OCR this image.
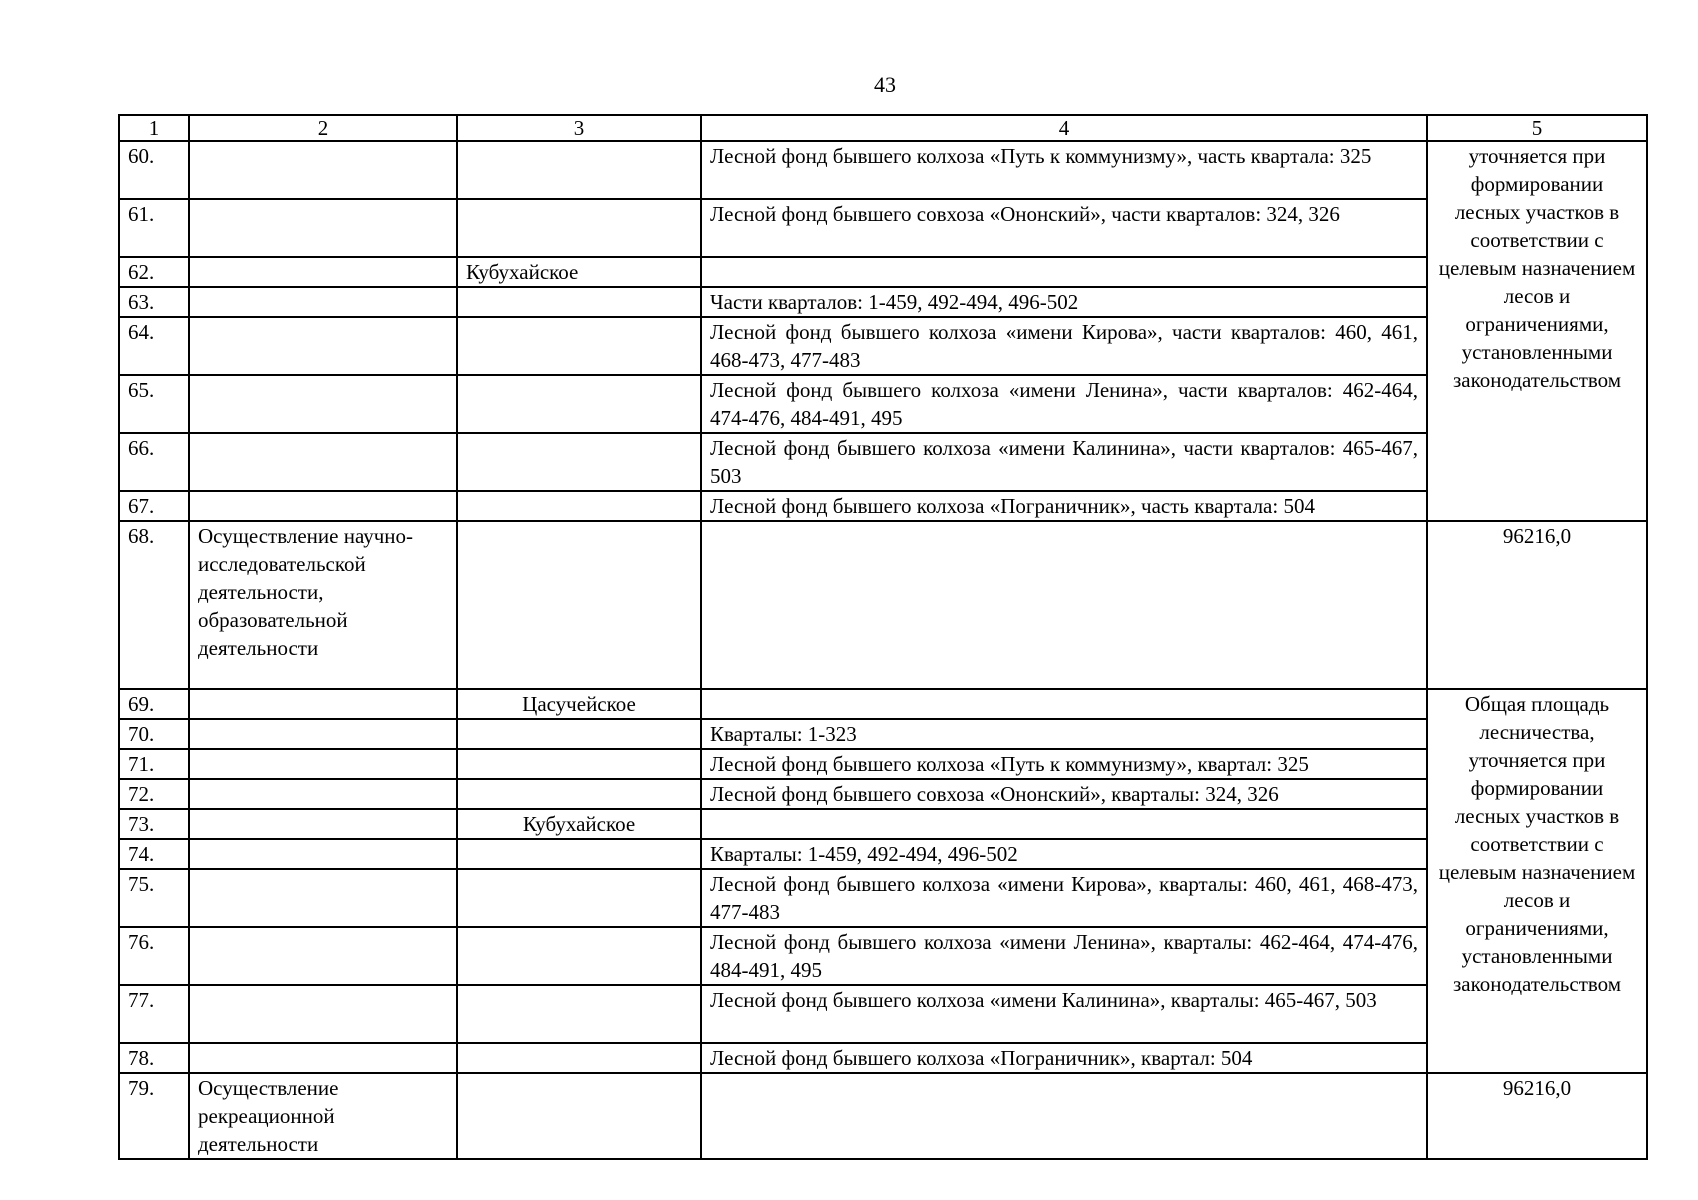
43
1	2	3	4	5
60.			Лесной фонд бывшего колхоза «Путь к коммунизму», часть квартала: 325	уточняется при формировании лесных участков в соответствии с целевым назначением лесов и ограничениями, установленными законодательством
61.			Лесной фонд бывшего совхоза «Ононский», части кварталов: 324, 326	
62.		Кубухайское		
63.			Части кварталов: 1-459, 492-494, 496-502	
64.			Лесной фонд бывшего колхоза «имени Кирова», части кварталов: 460, 461, 468-473, 477-483	
65.			Лесной фонд бывшего колхоза «имени Ленина», части кварталов: 462-464, 474-476, 484-491, 495	
66.			Лесной фонд бывшего колхоза «имени Калинина», части кварталов: 465-467, 503	
67.			Лесной фонд бывшего колхоза «Пограничник», часть квартала: 504	
68.	Осуществление научно-исследовательской деятельности, образовательной деятельности			96216,0
69.		Цасучейское		Общая площадь лесничества, уточняется при формировании лесных участков в соответствии с целевым назначением лесов и ограничениями, установленными законодательством
70.			Кварталы: 1-323	
71.			Лесной фонд бывшего колхоза «Путь к коммунизму», квартал: 325	
72.			Лесной фонд бывшего совхоза «Ононский», кварталы: 324, 326	
73.		Кубухайское		
74.			Кварталы: 1-459, 492-494, 496-502	
75.			Лесной фонд бывшего колхоза «имени Кирова», кварталы: 460, 461, 468-473, 477-483	
76.			Лесной фонд бывшего колхоза «имени Ленина», кварталы: 462-464, 474-476, 484-491, 495	
77.			Лесной фонд бывшего колхоза «имени Калинина», кварталы: 465-467, 503	
78.			Лесной фонд бывшего колхоза «Пограничник», квартал: 504	
79.	Осуществление рекреационной деятельности			96216,0
